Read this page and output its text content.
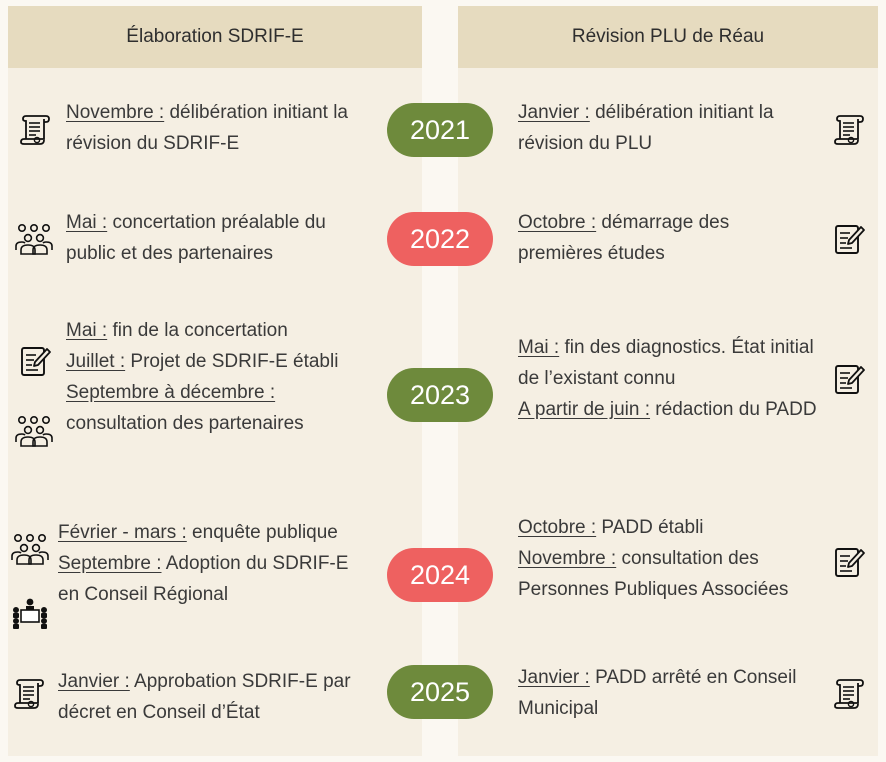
Élaboration SDRIF-E	Révision PLU de Réau
2021
2022
2023
2024
2025

Novembre : délibération initiant la révision du SDRIF-E

Mai : concertation préalable du public et des partenaires

Mai : fin de la concertation

Juillet : Projet de SDRIF-E établi

Septembre à décembre : consultation des partenaires

Février - mars : enquête publique

Septembre : Adoption du SDRIF-E en Conseil Régional

Janvier : Approbation SDRIF-E par décret en Conseil d’État

Janvier : délibération initiant la révision du PLU

Octobre : démarrage des premières études

Mai : fin des diagnostics. État initial de l’existant connu

A partir de juin : rédaction du PADD

Octobre : PADD établi

Novembre : consultation des Personnes Publiques Associées

Janvier : PADD arrêté en Conseil Municipal
